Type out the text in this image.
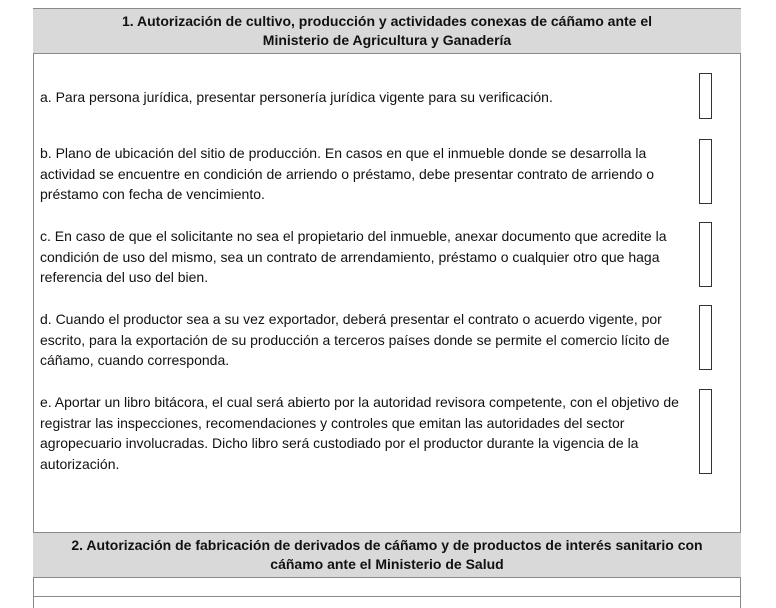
1. Autorización de cultivo, producción y actividades conexas de cáñamo ante el
Ministerio de Agricultura y Ganadería
a. Para persona jurídica, presentar personería jurídica vigente para su verificación.
b. Plano de ubicación del sitio de producción. En casos en que el inmueble donde se desarrolla la actividad se encuentre en condición de arriendo o préstamo, debe presentar contrato de arriendo o préstamo con fecha de vencimiento.
c. En caso de que el solicitante no sea el propietario del inmueble, anexar documento que acredite la condición de uso del mismo, sea un contrato de arrendamiento, préstamo o cualquier otro que haga referencia del uso del bien.
d. Cuando el productor sea a su vez exportador, deberá presentar el contrato o acuerdo vigente, por escrito, para la exportación de su producción a terceros países donde se permite el comercio lícito de cáñamo, cuando corresponda.
e. Aportar un libro bitácora, el cual será abierto por la autoridad revisora competente, con el objetivo de registrar las inspecciones, recomendaciones y controles que emitan las autoridades del sector agropecuario involucradas. Dicho libro será custodiado por el productor durante la vigencia de la autorización.
2. Autorización de fabricación de derivados de cáñamo y de productos de interés sanitario con
cáñamo ante el Ministerio de Salud
